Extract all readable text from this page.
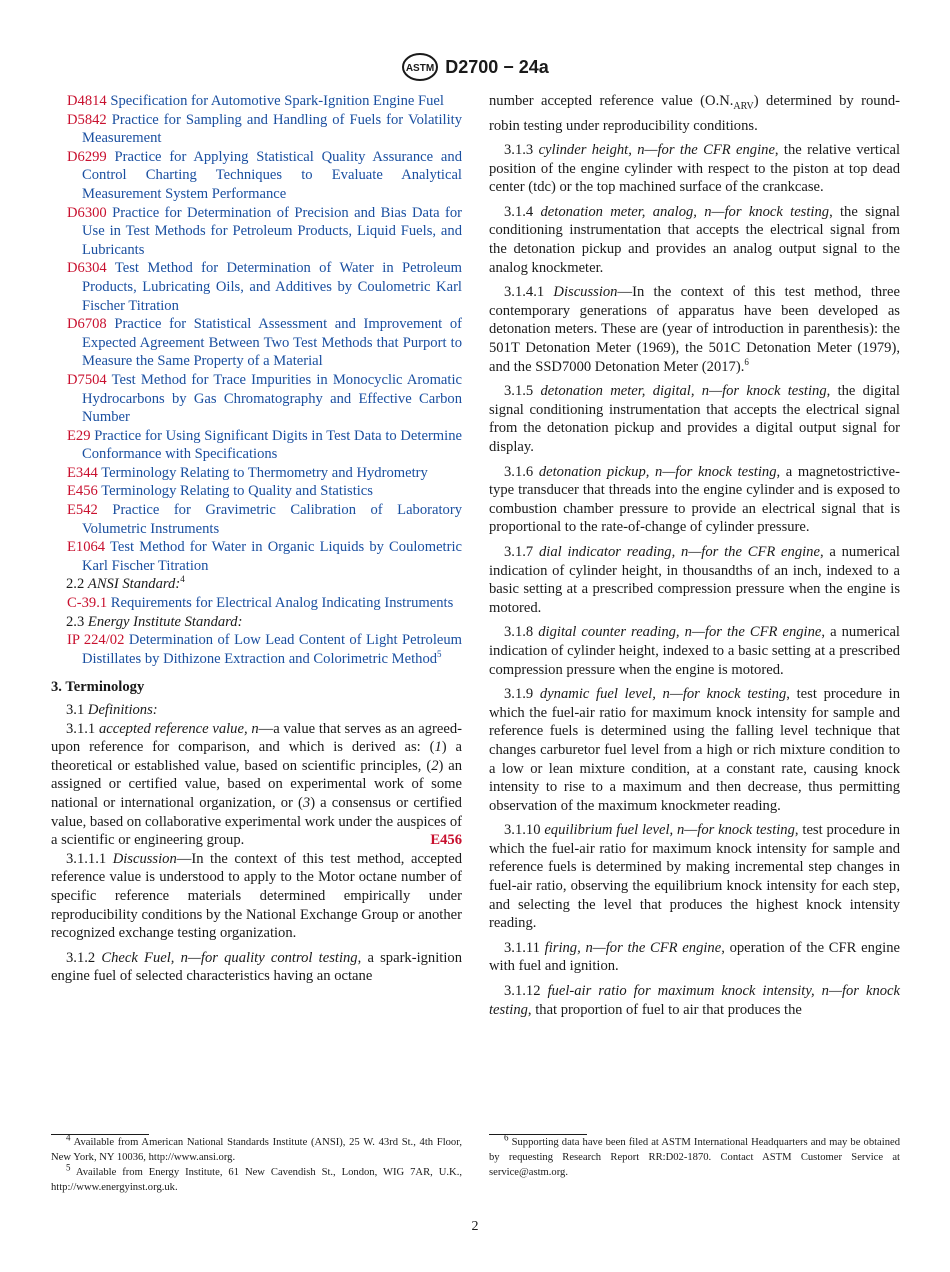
ASTM D2700 − 24a

D4814 Specification for Automotive Spark-Ignition Engine Fuel

D5842 Practice for Sampling and Handling of Fuels for Volatility Measurement

D6299 Practice for Applying Statistical Quality Assurance and Control Charting Techniques to Evaluate Analytical Measurement System Performance

D6300 Practice for Determination of Precision and Bias Data for Use in Test Methods for Petroleum Products, Liquid Fuels, and Lubricants

D6304 Test Method for Determination of Water in Petroleum Products, Lubricating Oils, and Additives by Coulometric Karl Fischer Titration

D6708 Practice for Statistical Assessment and Improvement of Expected Agreement Between Two Test Methods that Purport to Measure the Same Property of a Material

D7504 Test Method for Trace Impurities in Monocyclic Aromatic Hydrocarbons by Gas Chromatography and Effective Carbon Number

E29 Practice for Using Significant Digits in Test Data to Determine Conformance with Specifications

E344 Terminology Relating to Thermometry and Hydrometry

E456 Terminology Relating to Quality and Statistics

E542 Practice for Gravimetric Calibration of Laboratory Volumetric Instruments

E1064 Test Method for Water in Organic Liquids by Coulometric Karl Fischer Titration

2.2 ANSI Standard:$^4$

C-39.1 Requirements for Electrical Analog Indicating Instruments

2.3 Energy Institute Standard:

IP 224/02 Determination of Low Lead Content of Light Petroleum Distillates by Dithizone Extraction and Colorimetric Method$^5$

3. Terminology

3.1 Definitions:

3.1.1 accepted reference value, n—a value that serves as an agreed-upon reference for comparison, and which is derived as: (1) a theoretical or established value, based on scientific principles, (2) an assigned or certified value, based on experimental work of some national or international organization, or (3) a consensus or certified value, based on collaborative experimental work under the auspices of a scientific or engineering group.	E456

3.1.1.1 Discussion—In the context of this test method, accepted reference value is understood to apply to the Motor octane number of specific reference materials determined empirically under reproducibility conditions by the National Exchange Group or another recognized exchange testing organization.

3.1.2 Check Fuel, n—for quality control testing, a spark-ignition engine fuel of selected characteristics having an octane

number accepted reference value $(O.N._{ARV})$ determined by round-robin testing under reproducibility conditions.

3.1.3 cylinder height, n—for the CFR engine, the relative vertical position of the engine cylinder with respect to the piston at top dead center (tdc) or the top machined surface of the crankcase.

3.1.4 detonation meter, analog, n—for knock testing, the signal conditioning instrumentation that accepts the electrical signal from the detonation pickup and provides an analog output signal to the analog knockmeter.

3.1.4.1 Discussion—In the context of this test method, three contemporary generations of apparatus have been developed as detonation meters. These are (year of introduction in parenthesis): the 501T Detonation Meter (1969), the 501C Detonation Meter (1979), and the SSD7000 Detonation Meter (2017).$^6$

3.1.5 detonation meter, digital, n—for knock testing, the digital signal conditioning instrumentation that accepts the electrical signal from the detonation pickup and provides a digital output signal for display.

3.1.6 detonation pickup, n—for knock testing, a magnetostrictive-type transducer that threads into the engine cylinder and is exposed to combustion chamber pressure to provide an electrical signal that is proportional to the rate-of-change of cylinder pressure.

3.1.7 dial indicator reading, n—for the CFR engine, a numerical indication of cylinder height, in thousandths of an inch, indexed to a basic setting at a prescribed compression pressure when the engine is motored.

3.1.8 digital counter reading, n—for the CFR engine, a numerical indication of cylinder height, indexed to a basic setting at a prescribed compression pressure when the engine is motored.

3.1.9 dynamic fuel level, n—for knock testing, test procedure in which the fuel-air ratio for maximum knock intensity for sample and reference fuels is determined using the falling level technique that changes carburetor fuel level from a high or rich mixture condition to a low or lean mixture condition, at a constant rate, causing knock intensity to rise to a maximum and then decrease, thus permitting observation of the maximum knockmeter reading.

3.1.10 equilibrium fuel level, n—for knock testing, test procedure in which the fuel-air ratio for maximum knock intensity for sample and reference fuels is determined by making incremental step changes in fuel-air ratio, observing the equilibrium knock intensity for each step, and selecting the level that produces the highest knock intensity reading.

3.1.11 firing, n—for the CFR engine, operation of the CFR engine with fuel and ignition.

3.1.12 fuel-air ratio for maximum knock intensity, n—for knock testing, that proportion of fuel to air that produces the

$^4$ Available from American National Standards Institute (ANSI), 25 W. 43rd St., 4th Floor, New York, NY 10036, http://www.ansi.org.

$^5$ Available from Energy Institute, 61 New Cavendish St., London, WIG 7AR, U.K., http://www.energyinst.org.uk.

$^6$ Supporting data have been filed at ASTM International Headquarters and may be obtained by requesting Research Report RR:D02-1870. Contact ASTM Customer Service at service@astm.org.

2
